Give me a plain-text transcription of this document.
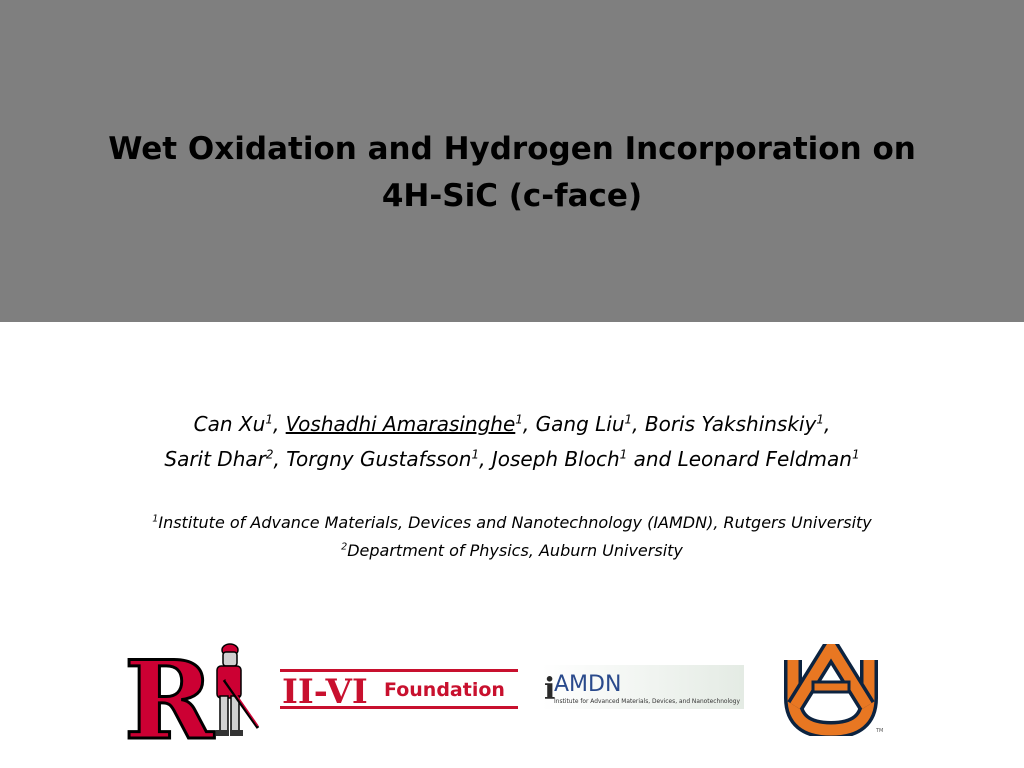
Wet Oxidation and Hydrogen Incorporation on
4H-SiC (c-face)
Can Xu$^1$, Voshadhi Amarasinghe$^1$, Gang Liu$^1$, Boris Yakshinskiy$^1$,
Sarit Dhar$^2$, Torgny Gustafsson$^1$, Joseph Bloch$^1$ and Leonard Feldman$^1$
$^1$Institute of Advance Materials, Devices and Nanotechnology (IAMDN), Rutgers University
$^2$Department of Physics, Auburn University
R II-VI Foundation i
AMDN
Institute for Advanced Materials, Devices, and Nanotechnology
TM
